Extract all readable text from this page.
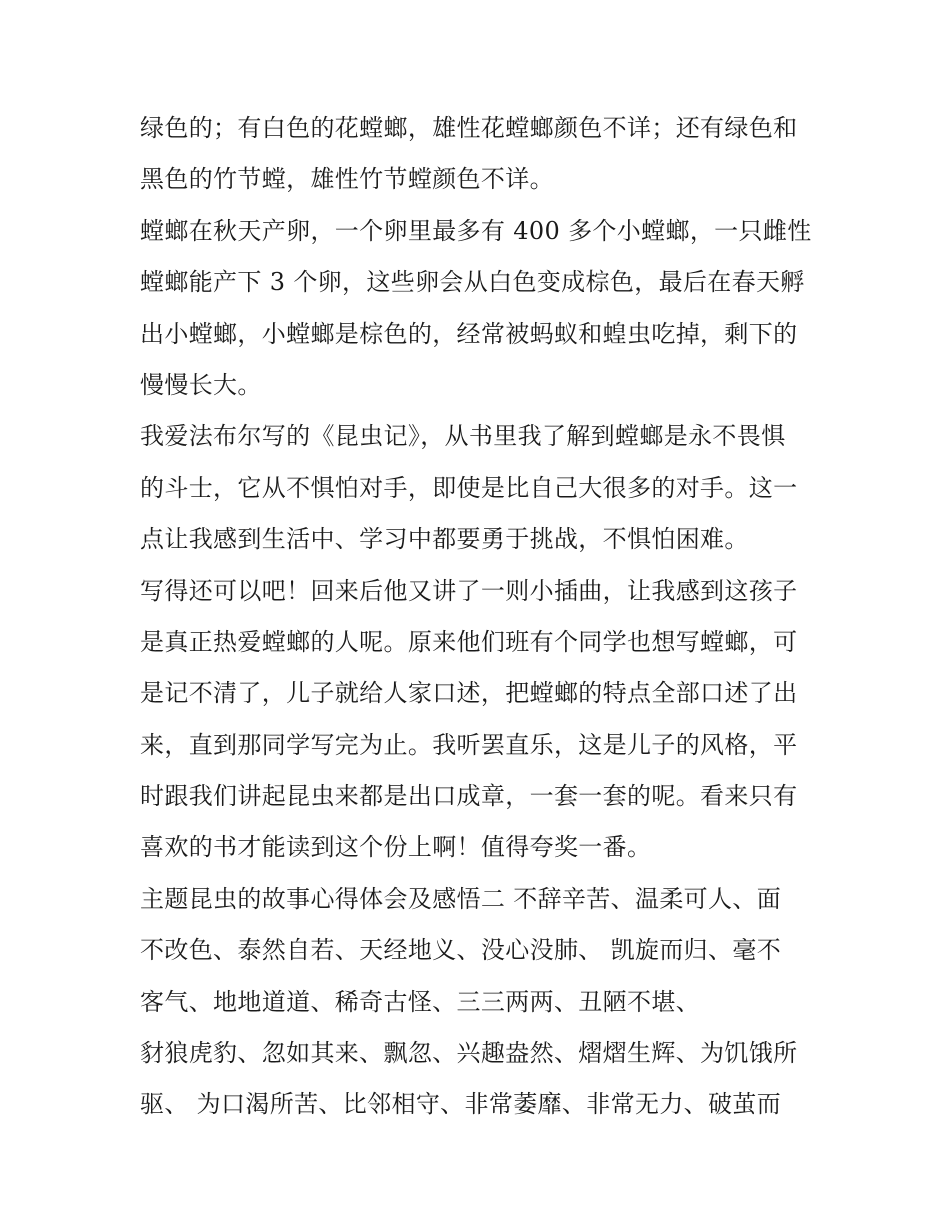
绿色的；有白色的花螳螂，雄性花螳螂颜色不详；还有绿色和
黑色的竹节螳，雄性竹节螳颜色不详。
螳螂在秋天产卵，一个卵里最多有 400 多个小螳螂，一只雌性
螳螂能产下 3 个卵，这些卵会从白色变成棕色，最后在春天孵
出小螳螂，小螳螂是棕色的，经常被蚂蚁和蝗虫吃掉，剩下的
慢慢长大。
我爱法布尔写的《昆虫记》，从书里我了解到螳螂是永不畏惧
的斗士，它从不惧怕对手，即使是比自己大很多的对手。这一
点让我感到生活中、学习中都要勇于挑战，不惧怕困难。
写得还可以吧！回来后他又讲了一则小插曲，让我感到这孩子
是真正热爱螳螂的人呢。原来他们班有个同学也想写螳螂，可
是记不清了，儿子就给人家口述，把螳螂的特点全部口述了出
来，直到那同学写完为止。我听罢直乐，这是儿子的风格，平
时跟我们讲起昆虫来都是出口成章，一套一套的呢。看来只有
喜欢的书才能读到这个份上啊！值得夸奖一番。
主题昆虫的故事心得体会及感悟二 不辞辛苦、温柔可人、面
不改色、泰然自若、天经地义、没心没肺、 凯旋而归、毫不
客气、地地道道、稀奇古怪、三三两两、丑陋不堪、
豺狼虎豹、忽如其来、飘忽、兴趣盎然、熠熠生辉、为饥饿所
驱、 为口渴所苦、比邻相守、非常萎靡、非常无力、破茧而
